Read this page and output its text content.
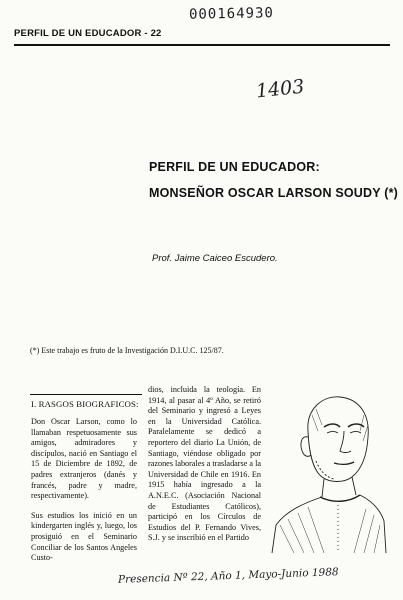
PERFIL DE UN EDUCADOR - 22
000164930
1403
PERFIL DE UN EDUCADOR:
MONSEÑOR OSCAR LARSON SOUDY (*)
Prof. Jaime Caiceo Escudero.
(*) Este trabajo es fruto de la Investigación D.I.U.C. 125/87.
I. RASGOS BIOGRAFICOS:

Don Oscar Larson, como lo llamaban respetuosamente sus amigos, admiradores y discípulos, nació en Santiago el 15 de Diciembre de 1892, de padres extranjeros (danés y francés, padre y madre, respectivamente).

Sus estudios los inició en un kindergarten inglés y, luego, los prosiguió en el Seminario Conciliar de los Santos Angeles Custo-

dios, incluida la teología. En 1914, al pasar al 4º Año, se retiró del Seminario y ingresó a Leyes en la Universidad Católica. Paralelamente se dedicó a reportero del diario La Unión, de Santiago, viéndose obligado por razones laborales a trasladarse a la Universidad de Chile en 1916. En 1915 había ingresado a la A.N.E.C. (Asociación Nacional de Estudiantes Católicos), participó en los Círculos de Estudios del P. Fernando Vives, S.J. y se inscribió en el Partido
Presencia Nº 22, Año 1, Mayo-Junio 1988
